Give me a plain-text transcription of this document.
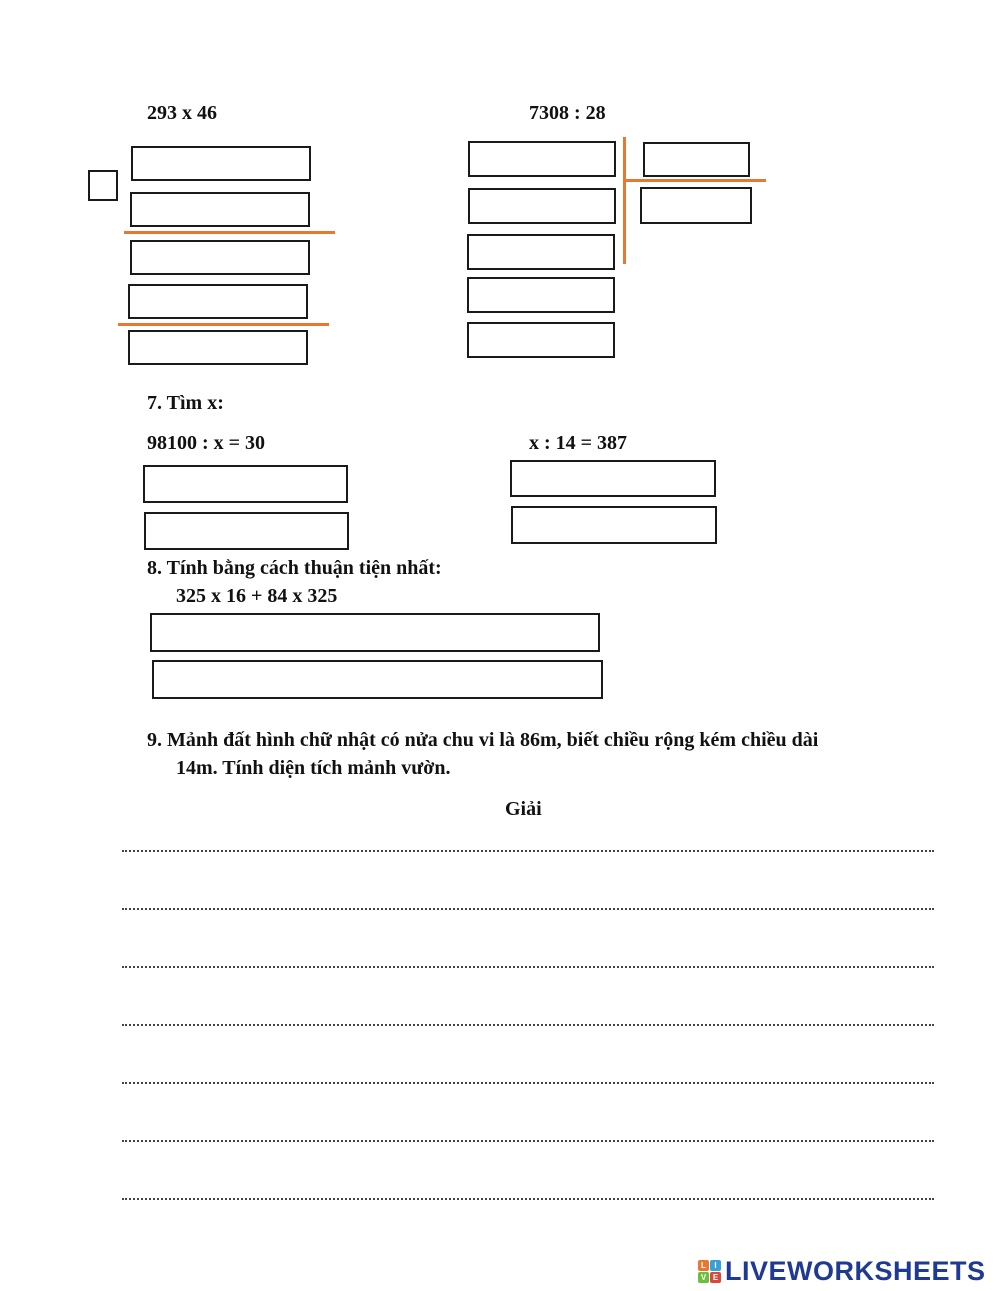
293 x 46	7308 : 28
7. Tìm x:
98100 : x = 30	x : 14 = 387
8. Tính bằng cách thuận tiện nhất:
325 x 16 + 84 x 325
9. Mảnh đất hình chữ nhật có nửa chu vi là 86m, biết chiều rộng kém chiều dài
14m. Tính diện tích mảnh vườn.
Giải
L	I
V E LIVEWORKSHEETS
